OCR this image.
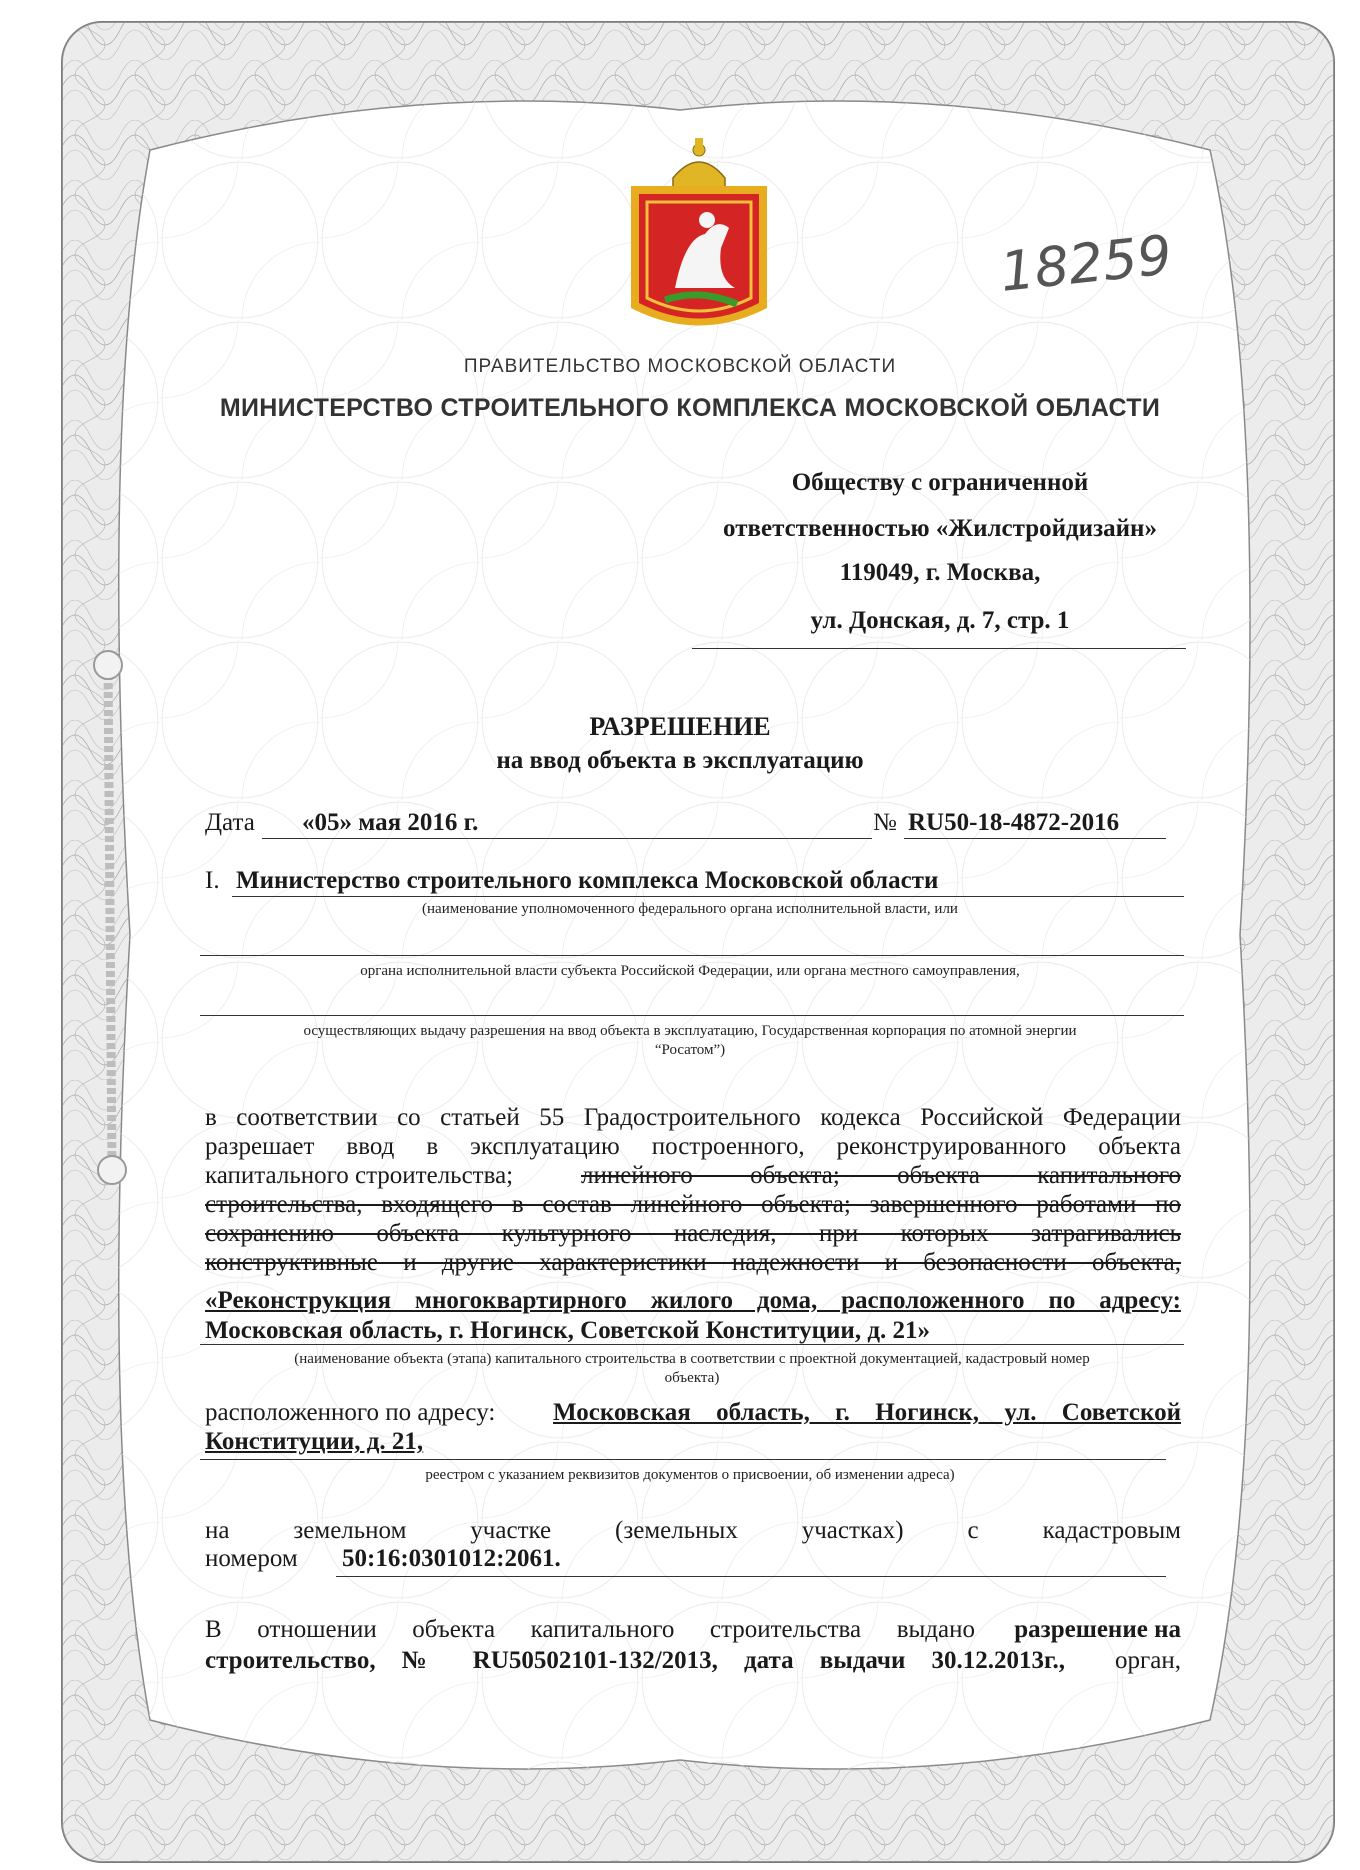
18259
ПРАВИТЕЛЬСТВО МОСКОВСКОЙ ОБЛАСТИ
МИНИСТЕРСТВО СТРОИТЕЛЬНОГО КОМПЛЕКСА МОСКОВСКОЙ ОБЛАСТИ
Обществу с ограниченной
ответственностью «Жилстройдизайн»
119049, г. Москва,
ул. Донская, д. 7, стр. 1
РАЗРЕШЕНИЕ
на ввод объекта в эксплуатацию
Дата «05» мая 2016 г.	№ RU50-18-4872-2016
I. Министерство строительного комплекса Московской области
(наименование уполномоченного федерального органа исполнительной власти, или
органа исполнительной власти субъекта Российской Федерации, или органа местного самоуправления,
осуществляющих выдачу разрешения на ввод объекта в эксплуатацию, Государственная корпорация по атомной энергии
“Росатом”)
в соответствии со статьей 55 Градостроительного кодекса Российской Федерации
разрешает ввод в эксплуатацию построенного, реконструированного объекта
капитального строительства;	линейного объекта; объекта капитального
строительства, входящего в состав линейного объекта; завершенного работами по
сохранению объекта культурного наследия, при которых затрагивались
конструктивные и другие характеристики надежности и безопасности объекта,
«Реконструкция многоквартирного жилого дома, расположенного по адресу:
Московская область, г. Ногинск, Советской Конституции, д. 21»
(наименование объекта (этапа) капитального строительства в соответствии с проектной документацией, кадастровый номер
объекта)
расположенного по адресу: Московская область, г. Ногинск, ул. Советской
Конституции, д. 21,
реестром с указанием реквизитов документов о присвоении, об изменении адреса)
на земельном участке (земельных участках) с кадастровым
номером 50:16:0301012:2061.
В отношении объекта капитального строительства выдано разрешение на
строительство, № RU50502101-132/2013, дата выдачи 30.12.2013г., орган,
